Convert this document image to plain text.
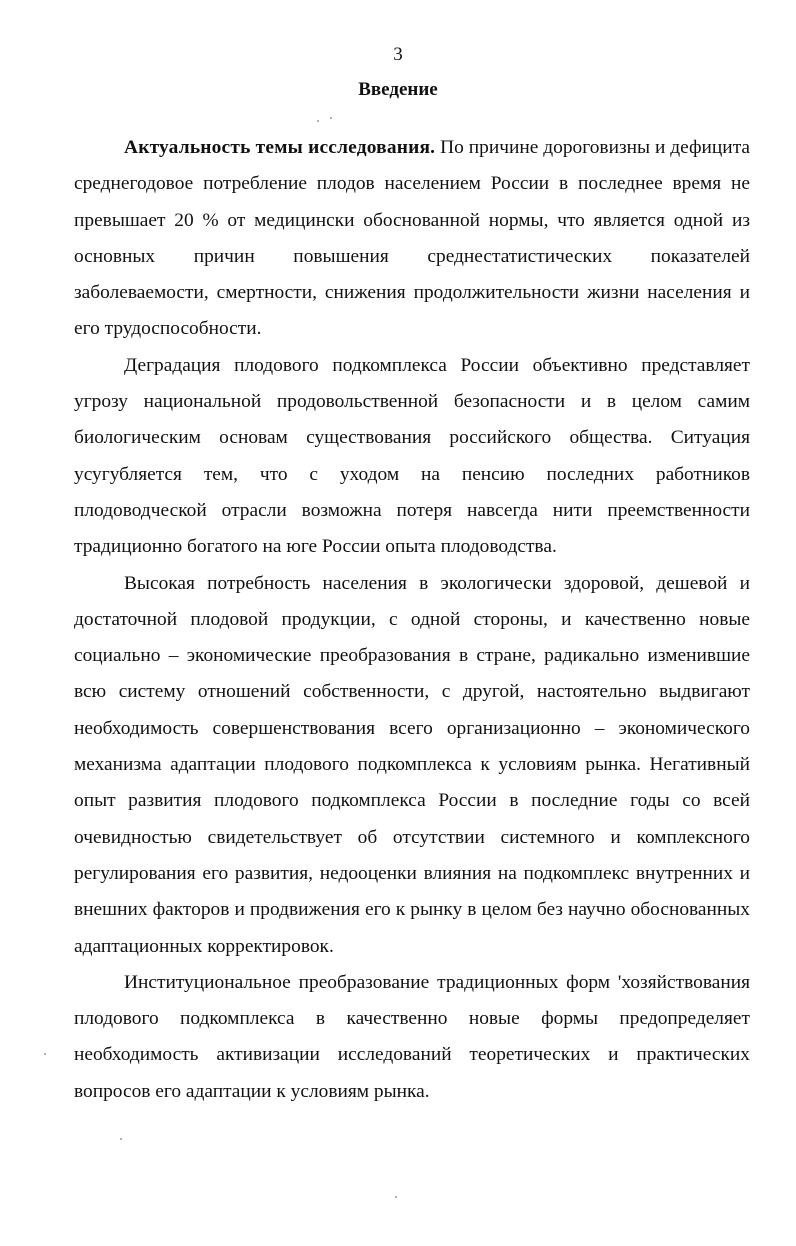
3
Введение

Актуальность темы исследования. По причине дороговизны и дефицита среднегодовое потребление плодов населением России в последнее время не превышает 20 % от медицински обоснованной нормы, что является одной из основных причин повышения среднестатистических показателей заболеваемости, смертности, снижения продолжительности жизни населения и его трудоспособности.

Деградация плодового подкомплекса России объективно представляет угрозу национальной продовольственной безопасности и в целом самим биологическим основам существования российского общества. Ситуация усугубляется тем, что с уходом на пенсию последних работников плодоводческой отрасли возможна потеря навсегда нити преемственности традиционно богатого на юге России опыта плодоводства.

Высокая потребность населения в экологически здоровой, дешевой и достаточной плодовой продукции, с одной стороны, и качественно новые социально – экономические преобразования в стране, радикально изменившие всю систему отношений собственности, с другой, настоятельно выдвигают необходимость совершенствования всего организационно – экономического механизма адаптации плодового подкомплекса к условиям рынка. Негативный опыт развития плодового подкомплекса России в последние годы со всей очевидностью свидетельствует об отсутствии системного и комплексного регулирования его развития, недооценки влияния на подкомплекс внутренних и внешних факторов и продвижения его к рынку в целом без научно обоснованных адаптационных корректировок.

Институциональное преобразование традиционных форм 'хозяйствования плодового подкомплекса в качественно новые формы предопределяет необходимость активизации исследований теоретических и практических вопросов его адаптации к условиям рынка.
